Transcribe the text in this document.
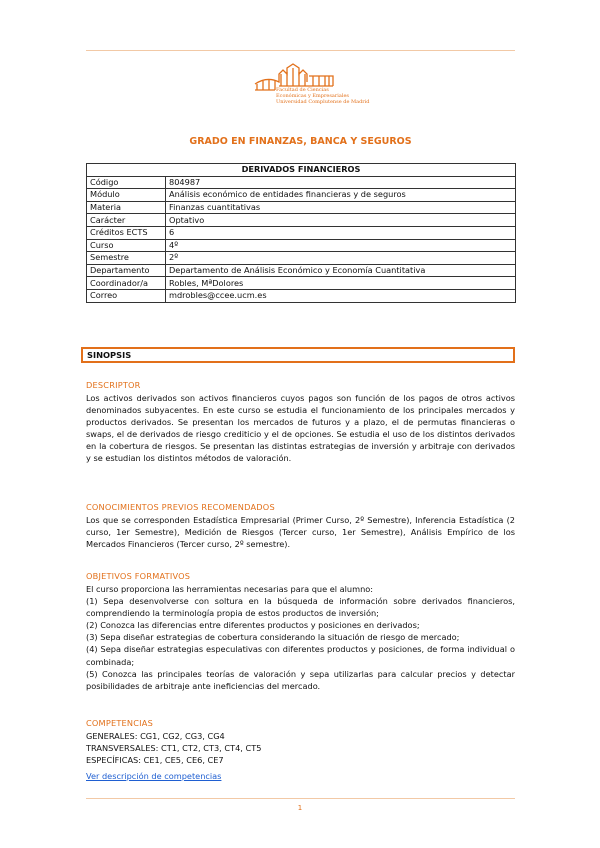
Facultad de Ciencias
Económicas y Empresariales
Universidad Complutense de Madrid
GRADO EN FINANZAS, BANCA Y SEGUROS
DERIVADOS FINANCIEROS	
Código	804987
Módulo	Análisis económico de entidades financieras y de seguros
Materia	Finanzas cuantitativas
Carácter	Optativo
Créditos ECTS	6
Curso	4º
Semestre	2º
Departamento	Departamento de Análisis Económico y Economía Cuantitativa
Coordinador/a	Robles, MªDolores
Correo	mdrobles@ccee.ucm.es
SINOPSIS
DESCRIPTOR
Los activos derivados son activos financieros cuyos pagos son función de los pagos de otros activos denominados subyacentes. En este curso se estudia el funcionamiento de los principales mercados y productos derivados. Se presentan los mercados de futuros y a plazo, el de permutas financieras o swaps, el de derivados de riesgo crediticio y el de opciones. Se estudia el uso de los distintos derivados en la cobertura de riesgos. Se presentan las distintas estrategias de inversión y arbitraje con derivados y se estudian los distintos métodos de valoración.
CONOCIMIENTOS PREVIOS RECOMENDADOS
Los que se corresponden Estadística Empresarial (Primer Curso, 2º Semestre), Inferencia Estadística (2 curso, 1er Semestre), Medición de Riesgos (Tercer curso, 1er Semestre), Análisis Empírico de los Mercados Financieros (Tercer curso, 2º semestre).
OBJETIVOS FORMATIVOS
El curso proporciona las herramientas necesarias para que el alumno:
(1) Sepa desenvolverse con soltura en la búsqueda de información sobre derivados financieros, comprendiendo la terminología propia de estos productos de inversión;
(2) Conozca las diferencias entre diferentes productos y posiciones en derivados;
(3) Sepa diseñar estrategias de cobertura considerando la situación de riesgo de mercado;
(4) Sepa diseñar estrategias especulativas con diferentes productos y posiciones, de forma individual o combinada;
(5) Conozca las principales teorías de valoración y sepa utilizarlas para calcular precios y detectar posibilidades de arbitraje ante ineficiencias del mercado.
COMPETENCIAS
GENERALES: CG1, CG2, CG3, CG4
TRANSVERSALES: CT1, CT2, CT3, CT4, CT5
ESPECÍFICAS: CE1, CE5, CE6, CE7
Ver descripción de competencias
1
